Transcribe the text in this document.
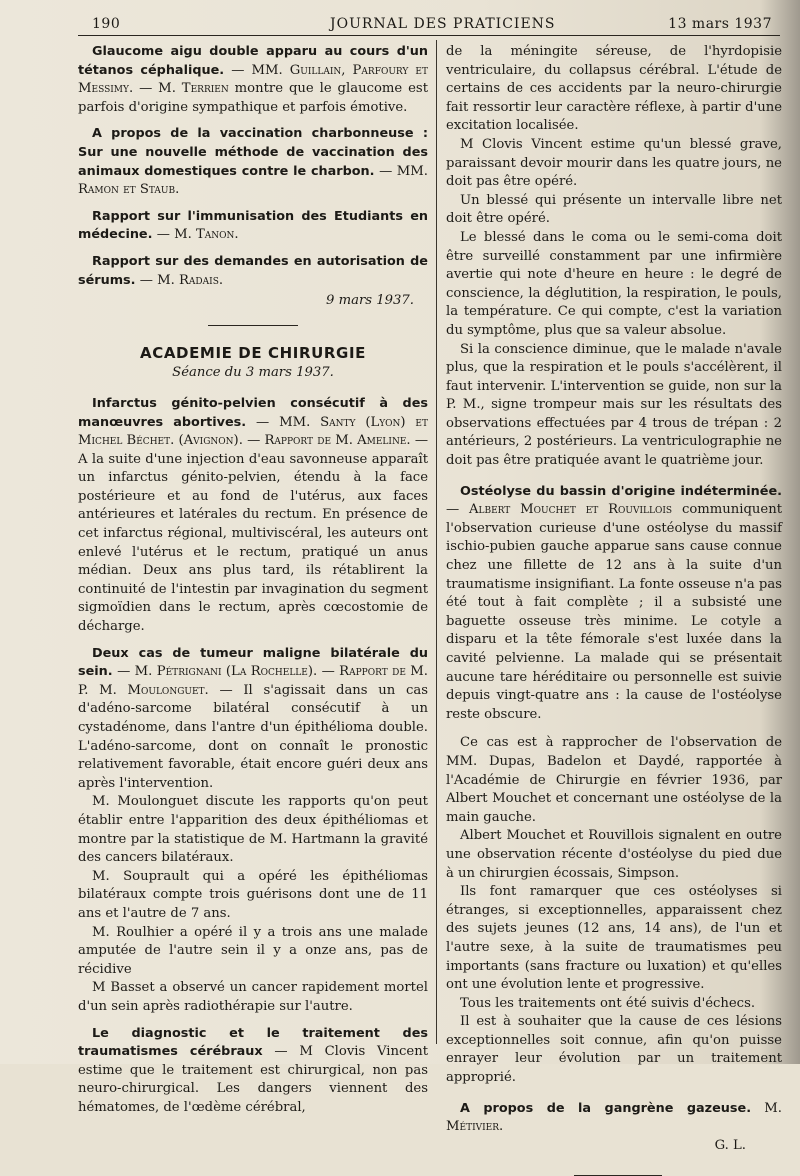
190	JOURNAL DES PRATICIENS	13 mars 1937

Glaucome aigu double apparu au cours d'un tétanos céphalique. — MM. Guillain, Parfoury et Messimy. — M. Terrien montre que le glaucome est parfois d'origine sympathique et parfois émotive.

A propos de la vaccination charbonneuse : Sur une nouvelle méthode de vaccination des animaux domestiques contre le charbon. — MM. Ramon et Staub.

Rapport sur l'immunisation des Etudiants en médecine. — M. Tanon.

Rapport sur des demandes en autorisation de sérums. — M. Radais.

9 mars 1937.

ACADEMIE DE CHIRURGIE
Séance du 3 mars 1937.

Infarctus génito-pelvien consécutif à des manœuvres abortives. — MM. Santy (Lyon) et Michel Béchet. (Avignon). — Rapport de M. Ameline. — A la suite d'une injection d'eau savonneuse apparaît un infarctus génito-pelvien, étendu à la face postérieure et au fond de l'utérus, aux faces antérieures et latérales du rectum. En présence de cet infarctus régional, multiviscéral, les auteurs ont enlevé l'utérus et le rectum, pratiqué un anus médian. Deux ans plus tard, ils rétablirent la continuité de l'intestin par invagination du segment sigmoïdien dans le rectum, après cœcostomie de décharge.

Deux cas de tumeur maligne bilatérale du sein. — M. Pétrignani (La Rochelle). — Rapport de M. P. M. Moulonguet. — Il s'agissait dans un cas d'adéno-sarcome bilatéral consécutif à un cystadénome, dans l'antre d'un épithélioma double. L'adéno-sarcome, dont on connaît le pronostic relativement favorable, était encore guéri deux ans après l'intervention.

M. Moulonguet discute les rapports qu'on peut établir entre l'apparition des deux épithéliomas et montre par la statistique de M. Hartmann la gravité des cancers bilatéraux.

M. Souprault qui a opéré les épithéliomas bilatéraux compte trois guérisons dont une de 11 ans et l'autre de 7 ans.

M. Roulhier a opéré il y a trois ans une malade amputée de l'autre sein il y a onze ans, pas de récidive

M Basset a observé un cancer rapidement mortel d'un sein après radiothérapie sur l'autre.

Le diagnostic et le traitement des traumatismes cérébraux — M Clovis Vincent estime que le traitement est chirurgical, non pas neuro-chirurgical. Les dangers viennent des hématomes, de l'œdème cérébral,

de la méningite séreuse, de l'hyrdopisie ventriculaire, du collapsus cérébral. L'étude de certains de ces accidents par la neuro-chirurgie fait ressortir leur caractère réflexe, à partir d'une excitation localisée.

M Clovis Vincent estime qu'un blessé grave, paraissant devoir mourir dans les quatre jours, ne doit pas être opéré.

Un blessé qui présente un intervalle libre net doit être opéré.

Le blessé dans le coma ou le semi-coma doit être surveillé constamment par une infirmière avertie qui note d'heure en heure : le degré de conscience, la déglutition, la respiration, le pouls, la température. Ce qui compte, c'est la variation du symptôme, plus que sa valeur absolue.

Si la conscience diminue, que le malade n'avale plus, que la respiration et le pouls s'accélèrent, il faut intervenir. L'intervention se guide, non sur la P. M., signe trompeur mais sur les résultats des observations effectuées par 4 trous de trépan : 2 antérieurs, 2 postérieurs. La ventriculographie ne doit pas être pratiquée avant le quatrième jour.

Ostéolyse du bassin d'origine indéterminée. — Albert Mouchet et Rouvillois communiquent l'observation curieuse d'une ostéolyse du massif ischio-pubien gauche apparue sans cause connue chez une fillette de 12 ans à la suite d'un traumatisme insignifiant. La fonte osseuse n'a pas été tout à fait complète ; il a subsisté une baguette osseuse très minime. Le cotyle a disparu et la tête fémorale s'est luxée dans la cavité pelvienne. La malade qui se présentait aucune tare héréditaire ou personnelle est suivie depuis vingt-quatre ans : la cause de l'ostéolyse reste obscure.

Ce cas est à rapprocher de l'observation de MM. Dupas, Badelon et Daydé, rapportée à l'Académie de Chirurgie en février 1936, par Albert Mouchet et concernant une ostéolyse de la main gauche.

Albert Mouchet et Rouvillois signalent en outre une observation récente d'ostéolyse du pied due à un chirurgien écossais, Simpson.

Ils font ramarquer que ces ostéolyses si étranges, si exceptionnelles, apparaissent chez des sujets jeunes (12 ans, 14 ans), de l'un et l'autre sexe, à la suite de traumatismes peu importants (sans fracture ou luxation) et qu'elles ont une évolution lente et progressive.

Tous les traitements ont été suivis d'échecs.

Il est à souhaiter que la cause de ces lésions exceptionnelles soit connue, afin qu'on puisse enrayer leur évolution par un traitement approprié.

A propos de la gangrène gazeuse. M. Métivier.

G. L.
